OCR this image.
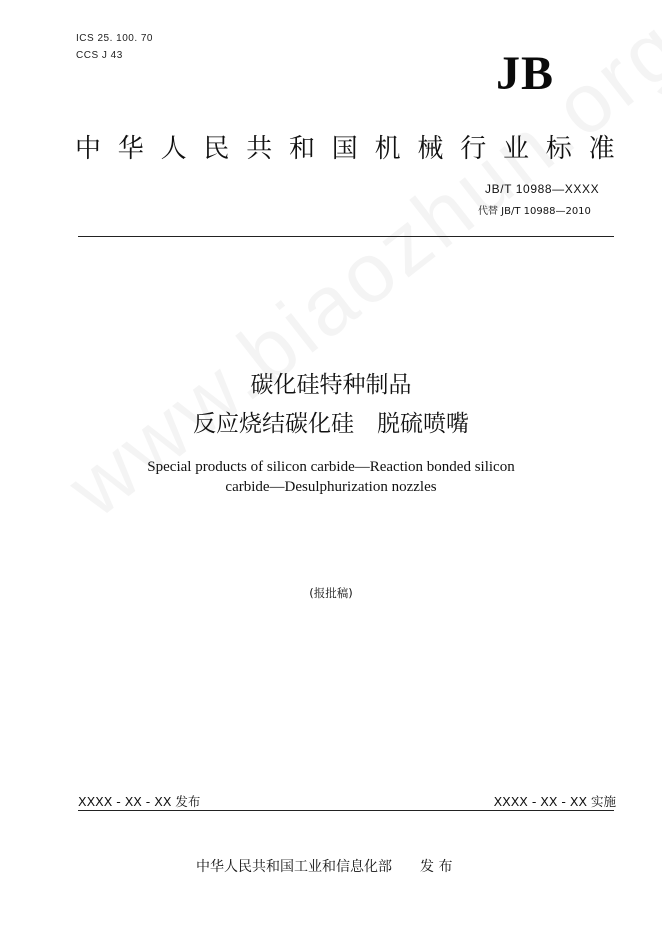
ICS 25. 100. 70
CCS J 43	JB
中华人民共和国机械行业标准
JB/T 10988—XXXX
代替 JB/T 10988—2010
碳化硅特种制品
反应烧结碳化硅　脱硫喷嘴
Special products of silicon carbide—Reaction bonded silicon
carbide—Desulphurization nozzles
(报批稿)
XXXX - XX - XX 发布	XXXX - XX - XX 实施
中华人民共和国工业和信息化部　　发 布
